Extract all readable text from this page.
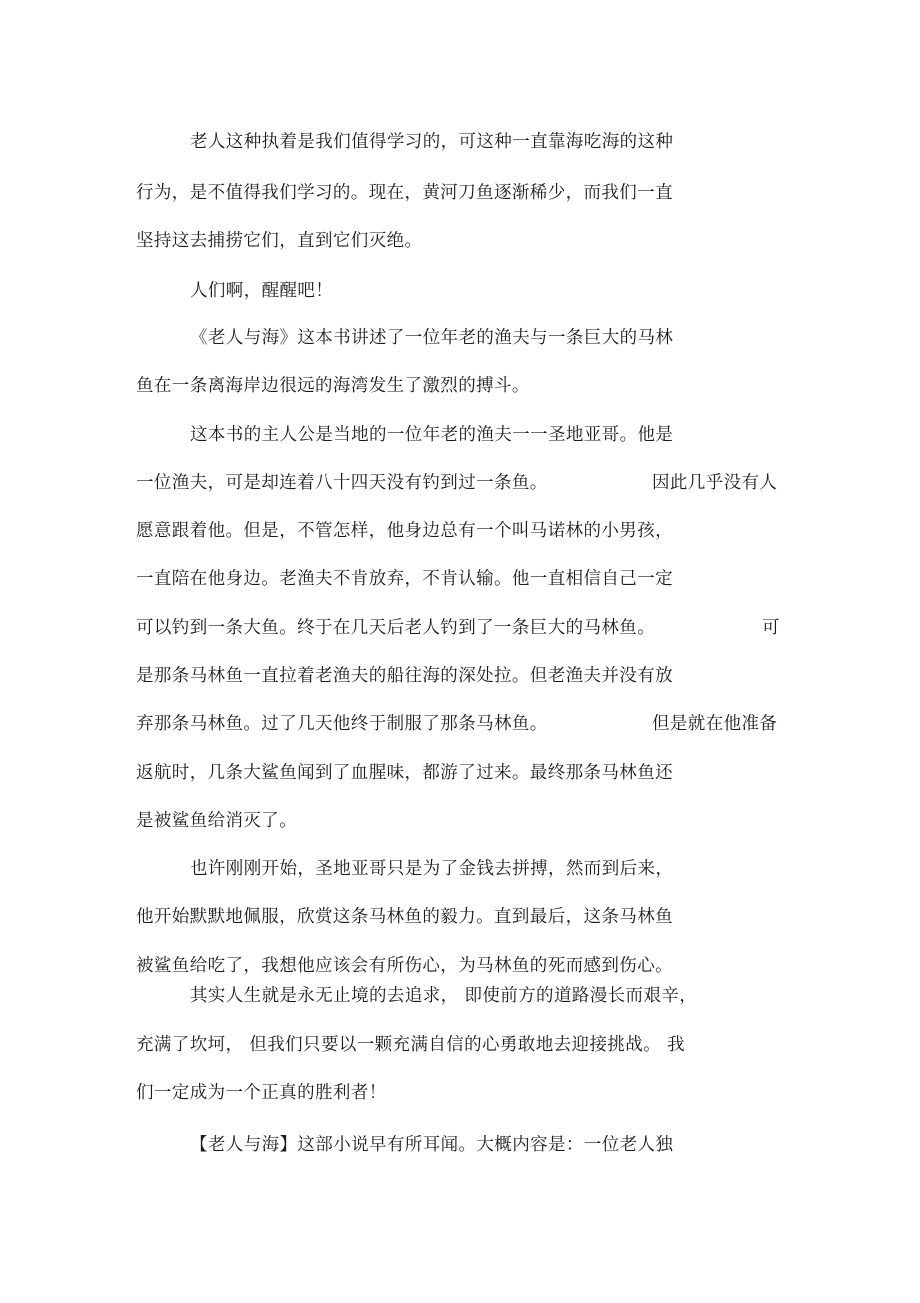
老人这种执着是我们值得学习的，可这种一直靠海吃海的这种
行为，是不值得我们学习的。现在，黄河刀鱼逐渐稀少，而我们一直
坚持这去捕捞它们，直到它们灭绝。
人们啊，醒醒吧！
《老人与海》这本书讲述了一位年老的渔夫与一条巨大的马林
鱼在一条离海岸边很远的海湾发生了激烈的搏斗。
这本书的主人公是当地的一位年老的渔夫一一圣地亚哥。他是
一位渔夫，可是却连着八十四天没有钓到过一条鱼。	因此几乎没有人
愿意跟着他。但是，不管怎样，他身边总有一个叫马诺林的小男孩，
一直陪在他身边。老渔夫不肯放弃，不肯认输。他一直相信自己一定
可以钓到一条大鱼。终于在几天后老人钓到了一条巨大的马林鱼。	可
是那条马林鱼一直拉着老渔夫的船往海的深处拉。但老渔夫并没有放
弃那条马林鱼。过了几天他终于制服了那条马林鱼。	但是就在他准备
返航时，几条大鲨鱼闻到了血腥味，都游了过来。最终那条马林鱼还
是被鲨鱼给消灭了。
也许刚刚开始，圣地亚哥只是为了金钱去拼搏，然而到后来，
他开始默默地佩服，欣赏这条马林鱼的毅力。直到最后，这条马林鱼
被鲨鱼给吃了，我想他应该会有所伤心，为马林鱼的死而感到伤心。
其实人生就是永无止境的去追求， 即使前方的道路漫长而艰辛，
充满了坎坷， 但我们只要以一颗充满自信的心勇敢地去迎接挑战。 我
们一定成为一个正真的胜利者！
【老人与海】这部小说早有所耳闻。大概内容是：一位老人独
